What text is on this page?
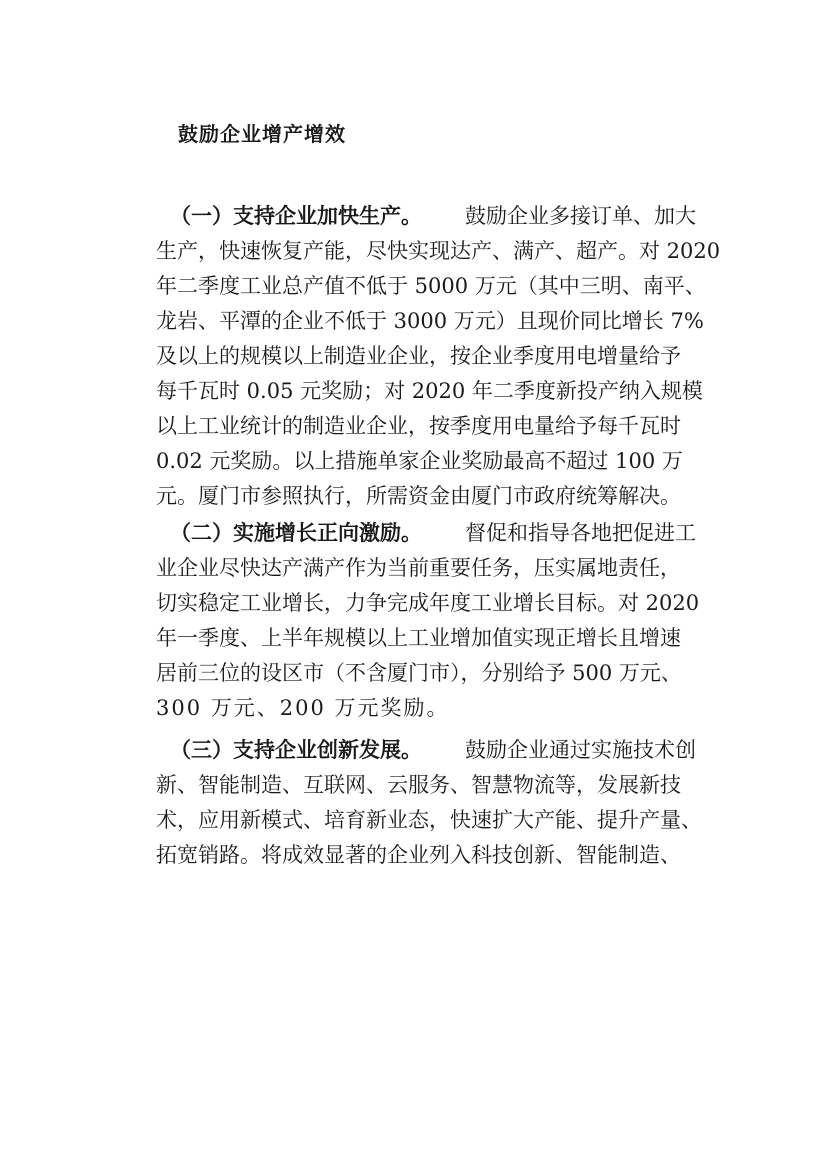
鼓励企业增产增效
（一）支持企业加快生产。 鼓励企业多接订单、加大
生产，快速恢复产能，尽快实现达产、满产、超产。对 2020
年二季度工业总产值不低于 5000 万元（其中三明、南平、
龙岩、平潭的企业不低于 3000 万元）且现价同比增长 7%
及以上的规模以上制造业企业，按企业季度用电增量给予
每千瓦时 0.05 元奖励；对 2020 年二季度新投产纳入规模
以上工业统计的制造业企业，按季度用电量给予每千瓦时
0.02 元奖励。以上措施单家企业奖励最高不超过 100 万
元。厦门市参照执行，所需资金由厦门市政府统筹解决。
（二）实施增长正向激励。 督促和指导各地把促进工
业企业尽快达产满产作为当前重要任务，压实属地责任，
切实稳定工业增长，力争完成年度工业增长目标。对 2020
年一季度、上半年规模以上工业增加值实现正增长且增速
居前三位的设区市（不含厦门市），分别给予 500 万元、
300 万元、200 万元奖励。
（三）支持企业创新发展。 鼓励企业通过实施技术创
新、智能制造、互联网、云服务、智慧物流等，发展新技
术，应用新模式、培育新业态，快速扩大产能、提升产量、
拓宽销路。将成效显著的企业列入科技创新、智能制造、
